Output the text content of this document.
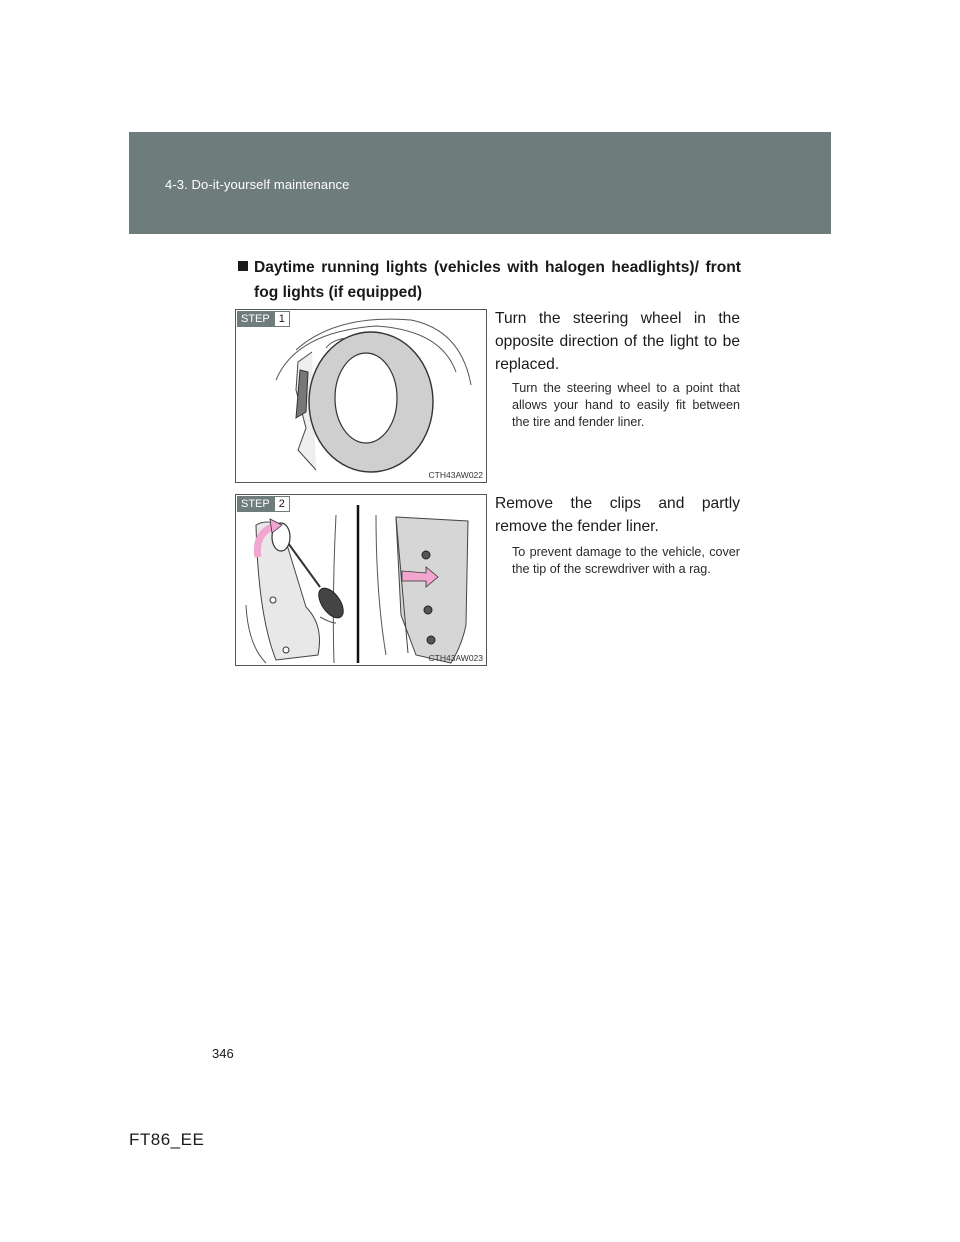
4-3. Do-it-yourself maintenance
Daytime running lights (vehicles with halogen headlights)/ front fog lights (if equipped)
STEP 1
CTH43AW022
Turn the steering wheel in the opposite direction of the light to be replaced.
Turn the steering wheel to a point that allows your hand to easily fit between the tire and fender liner.
STEP 2
CTH43AW023
Remove the clips and partly remove the fender liner.
To prevent damage to the vehicle, cover the tip of the screwdriver with a rag.
346
FT86_EE
